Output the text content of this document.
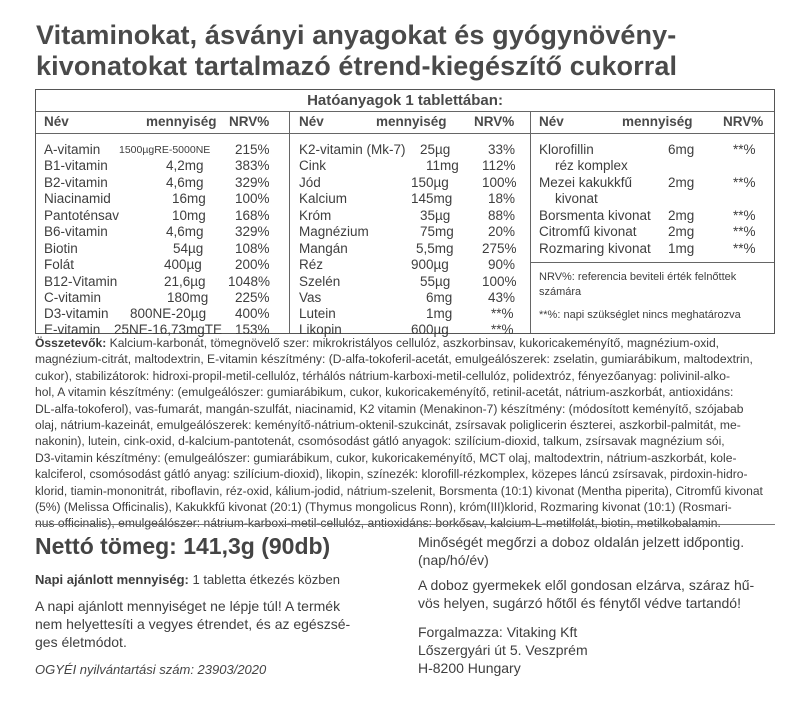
Vitaminokat, ásványi anyagokat és gyógynövény-
kivonatokat tartalmazó étrend-kiegészítő cukorral
Hatóanyagok 1 tablettában:
Név	mennyiség NRV% Név	mennyiség NRV% Név	mennyiség NRV%
A-vitamin 1500µgRE-5000NE 215%
B1-vitamin	4,2mg 383%
B2-vitamin	4,6mg 329%
Niacinamid	16mg 100%
Pantoténsav	10mg 168%
B6-vitamin	4,6mg 329%
Biotin	54µg 108%
Folát	400µg 200%
B12-Vitamin	21,6µg 1048%
C-vitamin	180mg 225%
D3-vitamin 800NE-20µg 400%
E-vitamin 25NE-16,73mgTE 153%
K2-vitamin (Mk-7) 25µg	33%
Cink	11mg 112%
Jód	150µg 100%
Kalcium	145mg	18%
Króm	35µg	88%
Magnézium	75mg	20%
Mangán	5,5mg 275%
Réz	900µg	90%
Szelén	55µg 100%
Vas	6mg	43%
Lutein	1mg	**%
Likopin	600µg	**%
Klorofillin
réz komplex
6mg	**%
Mezei kakukkfű
kivonat
2mg	**%
Borsmenta kivonat 2mg	**%
Citromfű kivonat 2mg	**%
Rozmaring kivonat 1mg	**%
NRV%: referencia beviteli érték felnőttek
számára
**%: napi szükséglet nincs meghatározva
Összetevők: Kalcium-karbonát, tömegnövelő szer: mikrokristályos cellulóz, aszkorbinsav, kukoricakeményítő, magnézium-oxid,
magnézium-citrát, maltodextrin, E-vitamin készítmény: (D-alfa-tokoferil-acetát, emulgeálószerek: zselatin, gumiarábikum, maltodextrin,
cukor), stabilizátorok: hidroxi-propil-metil-cellulóz, térhálós nátrium-karboxi-metil-cellulóz, polidextróz, fényezőanyag: polivinil-alko-
hol, A vitamin készítmény: (emulgeálószer: gumiarábikum, cukor, kukoricakeményítő, retinil-acetát, nátrium-aszkorbát, antioxidáns:
DL-alfa-tokoferol), vas-fumarát, mangán-szulfát, niacinamid, K2 vitamin (Menakinon-7) készítmény: (módosított keményítő, szójabab
olaj, nátrium-kazeinát, emulgeálószerek: keményítő-nátrium-oktenil-szukcinát, zsírsavak poliglicerin észterei, aszkorbil-palmitát, me-
nakonin), lutein, cink-oxid, d-kalcium-pantotenát, csomósodást gátló anyagok: szilícium-dioxid, talkum, zsírsavak magnézium sói,
D3-vitamin készítmény: (emulgeálószer: gumiarábikum, cukor, kukoricakeményítő, MCT olaj, maltodextrin, nátrium-aszkorbát, kole-
kalciferol, csomósodást gátló anyag: szilícium-dioxid), likopin, színezék: klorofill-rézkomplex, közepes láncú zsírsavak, pirdoxin-hidro-
klorid, tiamin-mononitrát, riboflavin, réz-oxid, kálium-jodid, nátrium-szelenit, Borsmenta (10:1) kivonat (Mentha piperita), Citromfű kivonat
(5%) (Melissa Officinalis), Kakukkfű kivonat (20:1) (Thymus mongolicus Ronn), króm(III)klorid, Rozmaring kivonat (10:1) (Rosmari-
nus officinalis), emulgeálószer: nátrium-karboxi-metil-cellulóz, antioxidáns: borkősav, kalcium-L-metilfolát, biotin, metilkobalamin.
Nettó tömeg: 141,3g (90db)
Napi ajánlott mennyiség: 1 tabletta étkezés közben
A napi ajánlott mennyiséget ne lépje túl! A termék
nem helyettesíti a vegyes étrendet, és az egészsé-
ges életmódot.
OGYÉI nyilvántartási szám: 23903/2020
Minőségét megőrzi a doboz oldalán jelzett időpontig.
(nap/hó/év)
A doboz gyermekek elől gondosan elzárva, száraz hű-
vös helyen, sugárzó hőtől és fénytől védve tartandó!
Forgalmazza: Vitaking Kft
Lőszergyári út 5. Veszprém
H-8200 Hungary
